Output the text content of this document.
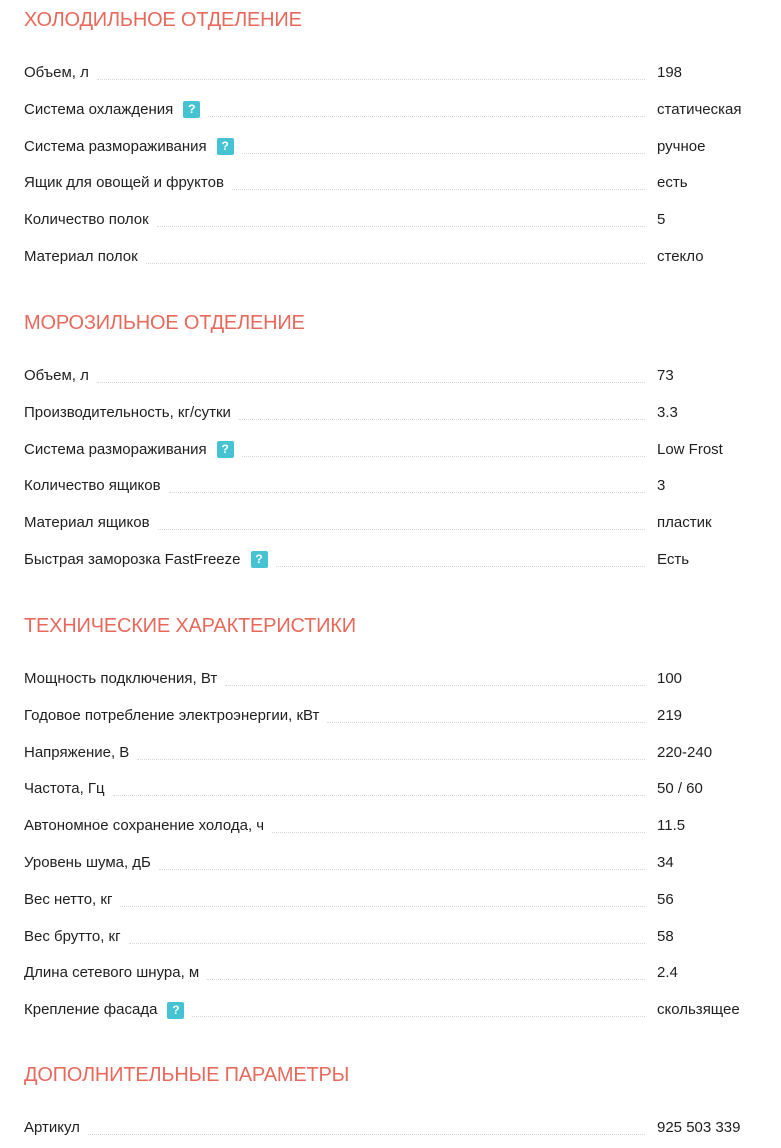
ХОЛОДИЛЬНОЕ ОТДЕЛЕНИЕ
Объем, л	198
Система охлаждения	?	статическая
Система размораживания	?	ручное
Ящик для овощей и фруктов	есть
Количество полок	5
Материал полок	стекло
МОРОЗИЛЬНОЕ ОТДЕЛЕНИЕ
Объем, л	73
Производительность, кг/сутки	3.3
Система размораживания	?	Low Frost
Количество ящиков	3
Материал ящиков	пластик
Быстрая заморозка FastFreeze	?	Есть
ТЕХНИЧЕСКИЕ ХАРАКТЕРИСТИКИ
Мощность подключения, Вт	100
Годовое потребление электроэнергии, кВт	219
Напряжение, В	220-240
Частота, Гц	50 / 60
Автономное сохранение холода, ч	11.5
Уровень шума, дБ	34
Вес нетто, кг	56
Вес брутто, кг	58
Длина сетевого шнура, м	2.4
Крепление фасада	?	скользящее
ДОПОЛНИТЕЛЬНЫЕ ПАРАМЕТРЫ
Артикул	925 503 339
